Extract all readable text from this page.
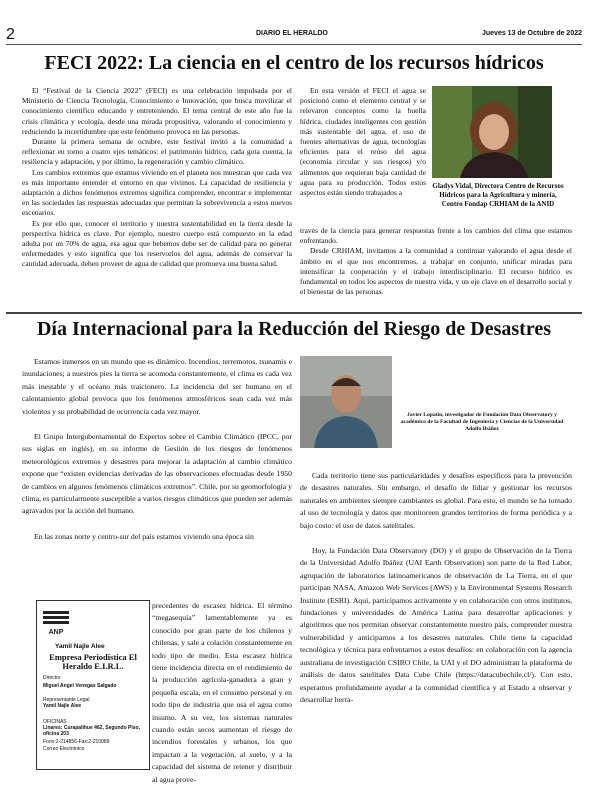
2	DIARIO EL HERALDO	Jueves 13 de Octubre de 2022
FECI 2022: La ciencia en el centro de los recursos hídricos

El “Festival de la Ciencia 2022” (FECI) es una celebración impulsada por el Ministerio de Ciencia Tecnología, Conocimiento e Innovación, que busca movilizar el conocimiento científico educando y entreteniendo. El tema central de este año fue la crisis climática y ecología, desde una mirada propositiva, valorando el conocimiento y reduciendo la incertidumbre que este fenómeno provoca en las personas.

Durante la primera semana de octubre, este festival invitó a la comunidad a reflexionar en torno a cuatro ejes temáticos: el patrimonio hídrico, cada gota cuenta, la resiliencia y adaptación, y por último, la regeneración y cambio climático.

Los cambios extremos que estamos viviendo en el planeta nos muestran que cada vez es más importante entender el entorno en que vivimos. La capacidad de resiliencia y adaptación a dichos fenómenos extremos significa comprender, encontrar e implementar en las sociedades las respuestas adecuadas que permitan la sobrevivencia a estos nuevos escenarios.

Es por ello que, conocer el territorio y nuestra sustentabilidad en la tierra desde la perspectiva hídrica es clave. Por ejemplo, nuestro cuerpo está compuesto en la edad adulta por un 70% de agua, esa agua que bebemos debe ser de calidad para no generar enfermedades y esto significa que los reservorios del agua, además de conservar la cantidad adecuada, deben proveer de agua de calidad que promueva una buena salud.

En esta versión el FECI el agua se posicionó como el elemento central y se relevaron conceptos como la huella hídrica, ciudades inteligentes con gestión más sustentable del agua, el uso de fuentes alternativas de agua, tecnologías eficientes para el reúso del agua (economía circular y sus riesgos) y/o alimentos que requieran baja cantidad de agua para su producción. Todos estos aspectos están siendo trabajados a

Gladys Vidal, Directora Centro de Recursos Hídricos para la Agricultura y minería, Centro Fondap CRHIAM de la ANID

través de la ciencia para generar respuestas frente a los cambios del clima que estamos enfrentando.

Desde CRHIAM, invitamos a la comunidad a continuar valorando el agua desde el ámbito en el que nos encontremos, a trabajar en conjunto, unificar miradas para intensificar la cooperación y el trabajo interdisciplinario. El recurso hídrico es fundamental en todos los aspectos de nuestra vida, y un eje clave en el desarrollo social y el bienestar de las personas.

Día Internacional para la Reducción del Riesgo de Desastres

Estamos inmersos en un mundo que es dinámico. Incendios, terremotos, tsunamis e inundaciones; a nuestros pies la tierra se acomoda constantemente, el clima es cada vez más inestable y el océano más traicionero. La incidencia del ser humano en el calentamiento global provoca que los fenómenos atmosféricos sean cada vez más violentos y su probabilidad de ocurrencia cada vez mayor.

El Grupo Intergubernamental de Expertos sobre el Cambio Climático (IPCC, por sus siglas en inglés), en su informe de Gestión de los riesgos de fenómenos meteorológicos extremos y desastres para mejorar la adaptación al cambio climático expone que “existen evidencias derivadas de las observaciones efectuadas desde 1950 de cambios en algunos fenómenos climáticos extremos”. Chile, por su geomorfología y clima, es particularmente susceptible a varios riesgos climáticos que pueden ser además agravados por la acción del humano.

En las zonas norte y centro-sur del país estamos viviendo una época sin

ANP
Yamil Najle Alee
Empresa Periodística El Heraldo E.I.R.L.
Director
Miguel Angel Venegas Salgado
Representante Legal
Yamil Najle Alee
OFICINAS
Linares: Curapalihue 462, Segundo Piso, oficina 203
Fono:2-214856-Fax:2-210089
Correo Electrónico

precedentes de escasez hídrica. El término “megasequía” lamentablemente ya es conocido por gran parte de los chilenos y chilenas, y sale a colación constantemente en todo tipo de medio. Esta escasez hídrica tiene incidencia directa en el rendimiento de la producción agrícola-ganadera a gran y pequeña escala, en el consumo personal y en todo tipo de industria que usa el agua como insumo. A su vez, los sistemas naturales cuando están secos aumentan el riesgo de incendios forestales y urbanos, los que impactan a la vegetación, al suelo, y a la capacidad del sistema de retener y distribuir al agua prove-

Javier Lopatin, investigador de Fundación Data Observatory y académico de la Facultad de Ingeniería y Ciencias de la Universidad Adolfo Ibáñez

Cada territorio tiene sus particularidades y desafíos específicos para la prevención de desastres naturales. Sin embargo, el desafío de lidiar y gestionar los recursos naturales en ambientes siempre cambiantes es global. Para esto, el mundo se ha tornado al uso de tecnología y datos que monitoreen grandes territorios de forma periódica y a bajo costo: el uso de datos satelitales.

Hoy, la Fundación Data Observatory (DO) y el grupo de Observación de la Tierra de la Universidad Adolfo Ibáñez (UAI Earth Observation) son parte de la Red Labot, agrupación de laboratorios latinoamericanos de observación de La Tierra, en el que participan NASA, Amazon Web Services (AWS) y la Environmental Systems Research Institute (ESRI). Aquí, participamos activamente y en colaboración con otros institutos, fundaciones y universidades de América Latina para desarrollar aplicaciones y algoritmos que nos permitan observar constantemente nuestro país, comprender nuestra vulnerabilidad y anticiparnos a los desastres naturales. Chile tiene la capacidad tecnológica y técnica para enfrentarnos a estos desafíos: en colaboración con la agencia australiana de investigación CSIRO Chile, la UAI y el DO administran la plataforma de análisis de datos satelitales Data Cube Chile (https://datacubechile.cl/). Con esto, esperamos profundamente ayudar a la comunidad científica y al Estado a observar y desarrollar herra-
